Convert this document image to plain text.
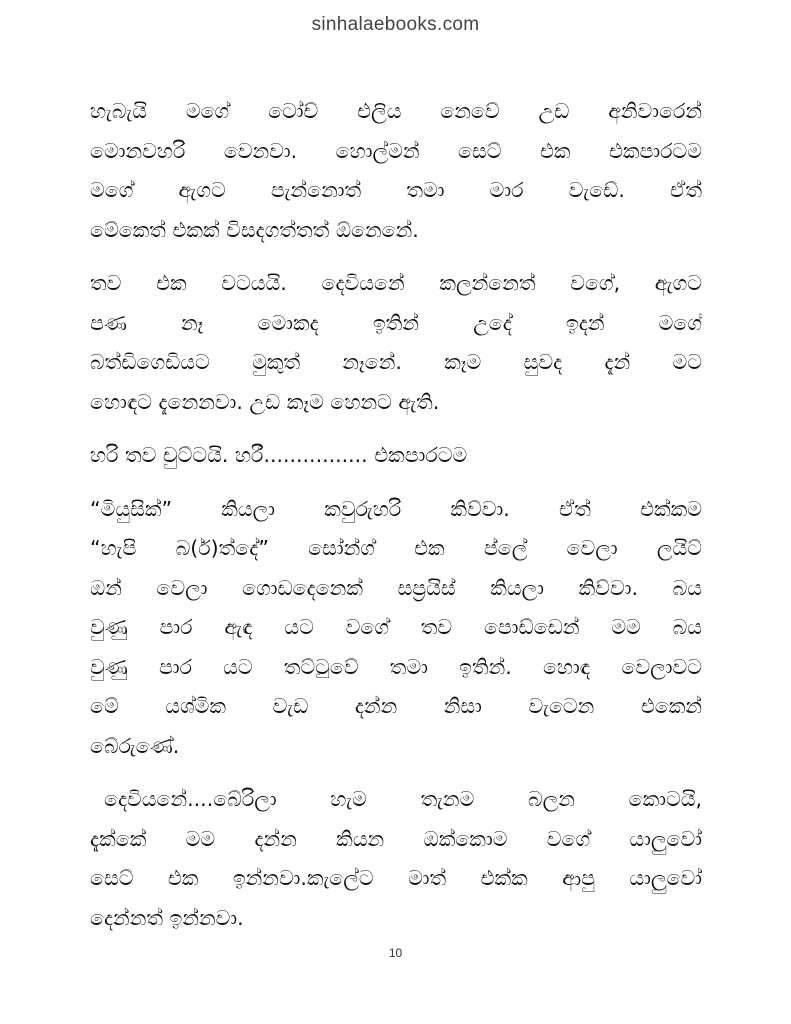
sinhalaebooks.com
හැබැයි මගේ ටෝච් එලිය නෙවේ උඩ අනිවාරෙන්
මොනවහරි වෙනවා. හොල්මන් සෙට් එක එකපාරටම
මගේ ඇගට පැන්නොත් තමා මාර වැඩේ. ඒත්
මේකෙත් එකක් විසදගත්තත් ඕනෙනේ.
තව එක වටයයි. දෙවියනේ කලන්නෙත් වගේ, ඇගට
පණ නෑ මොකද ඉතින් උදේ ඉදන් මගේ
බත්ඩිගෙඩියට මුකුත් නෑනේ. කෑම සුවද දැන් මට
හොඳට දැනෙනවා. උඩ කෑම හෙනට ඇති.
හරි තව චුට්ටයි. හරී................ එකපාරටම
“මියුසික්” කියලා කවුරුහරි කිව්වා. ඒත් එක්කම
“හැපි බ(ර්)ත්දේ” සෝන්ග් එක ප්ලේ වෙලා ලයිට්
ඔන් වෙලා ගොඩදෙනෙක් සප්‍රයිස් කියලා කිව්වා. බය
වුණු පාර ඇඳ යට වගේ තව පොඩ්ඩෙන් මම බය
වුණු පාර යට තට්ටුවේ තමා ඉතින්. හොඳ වෙලාවට
මේ යශ්මික වැඩ දන්න නිසා වැටෙන එකෙන්
බේරුණේ.
දෙවියනේ....බේරිලා හැම තැනම බලන කොටයි,
දැක්කේ මම දන්න කියන ඔක්කොම වගේ යාලුවෝ
සෙට් එක ඉන්නවා.කැලේට මාත් එක්ක ආපු යාලුවෝ
දෙන්නත් ඉන්නවා.
10
